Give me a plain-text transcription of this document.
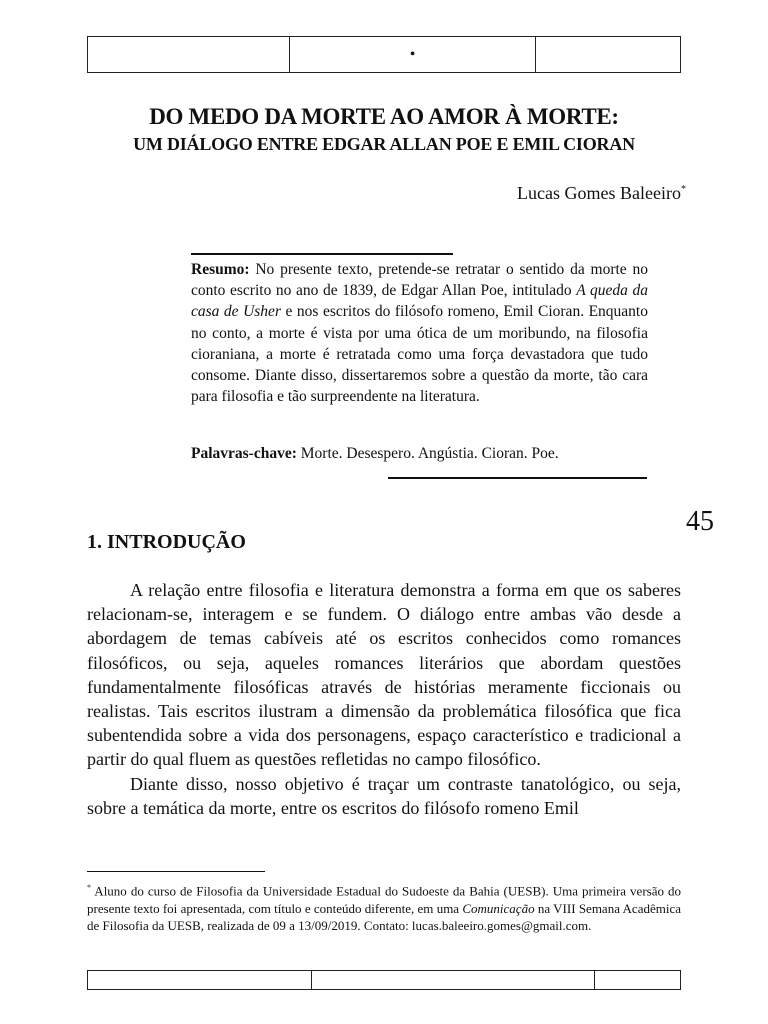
•
DO MEDO DA MORTE AO AMOR À MORTE:
UM DIÁLOGO ENTRE EDGAR ALLAN POE E EMIL CIORAN
Lucas Gomes Baleeiro*
Resumo: No presente texto, pretende-se retratar o sentido da morte no conto escrito no ano de 1839, de Edgar Allan Poe, intitulado A queda da casa de Usher e nos escritos do filósofo romeno, Emil Cioran. Enquanto no conto, a morte é vista por uma ótica de um moribundo, na filosofia cioraniana, a morte é retratada como uma força devastadora que tudo consome. Diante disso, dissertaremos sobre a questão da morte, tão cara para filosofia e tão surpreendente na literatura.
Palavras-chave: Morte. Desespero. Angústia. Cioran. Poe.
45
1. INTRODUÇÃO

A relação entre filosofia e literatura demonstra a forma em que os saberes relacionam-se, interagem e se fundem. O diálogo entre ambas vão desde a abordagem de temas cabíveis até os escritos conhecidos como romances filosóficos, ou seja, aqueles romances literários que abordam questões fundamentalmente filosóficas através de histórias meramente ficcionais ou realistas. Tais escritos ilustram a dimensão da problemática filosófica que fica subentendida sobre a vida dos personagens, espaço característico e tradicional a partir do qual fluem as questões refletidas no campo filosófico.

Diante disso, nosso objetivo é traçar um contraste tanatológico, ou seja, sobre a temática da morte, entre os escritos do filósofo romeno Emil

* Aluno do curso de Filosofia da Universidade Estadual do Sudoeste da Bahia (UESB). Uma primeira versão do presente texto foi apresentada, com título e conteúdo diferente, em uma Comunicação na VIII Semana Acadêmica de Filosofia da UESB, realizada de 09 a 13/09/2019. Contato: lucas.baleeiro.gomes@gmail.com.
